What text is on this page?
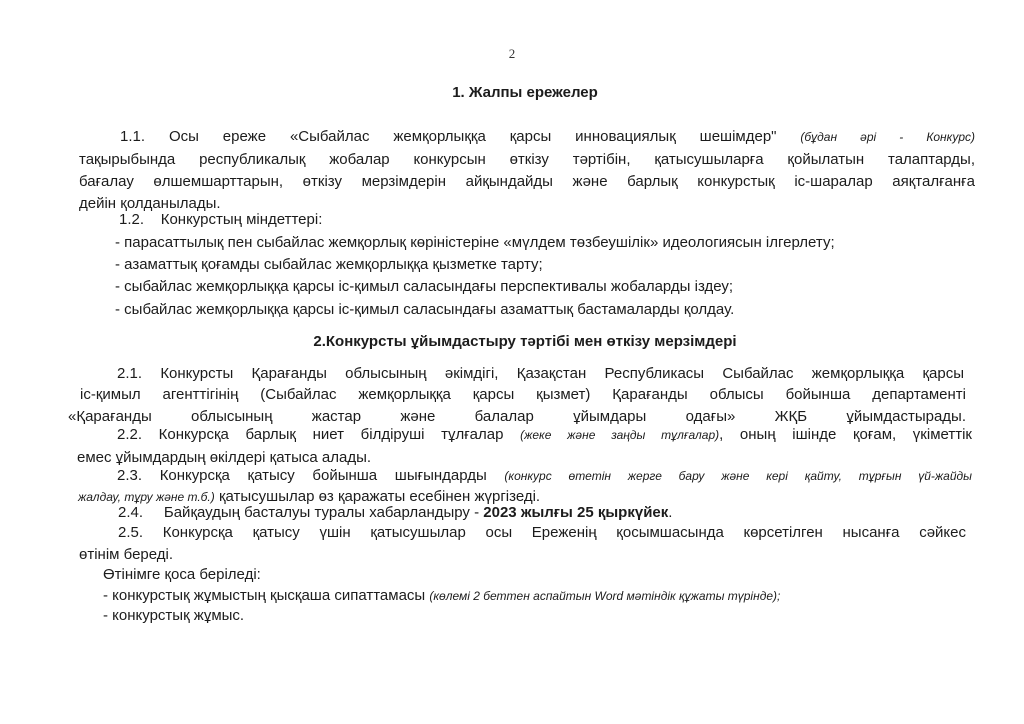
2
1. Жалпы ережелер
1.1. Осы ереже «Сыбайлас жемқорлыққа қарсы инновациялық шешімдер" (бұдан әрі - Конкурс)
тақырыбында республикалық жобалар конкурсын өткізу тәртібін, қатысушыларға қойылатын талаптарды,
бағалау өлшемшарттарын, өткізу мерзімдерін айқындайды және барлық конкурстық іс-шаралар аяқталғанға
дейін қолданылады.
1.2. Конкурстың міндеттері:
- парасаттылық пен сыбайлас жемқорлық көріністеріне «мүлдем төзбеушілік» идеологиясын ілгерлету;
- азаматтық қоғамды сыбайлас жемқорлыққа қызметке тарту;
- сыбайлас жемқорлыққа қарсы іс-қимыл саласындағы перспективалы жобаларды іздеу;
- сыбайлас жемқорлыққа қарсы іс-қимыл саласындағы азаматтық бастамаларды қолдау.
2.Конкурсты ұйымдастыру тәртібі мен өткізу мерзімдері
2.1. Конкурсты Қарағанды облысының әкімдігі, Қазақстан Республикасы Сыбайлас жемқорлыққа қарсы
іс-қимыл агенттігінің (Сыбайлас жемқорлыққа қарсы қызмет) Қарағанды облысы бойынша департаменті
«Қарағанды облысының жастар және балалар ұйымдары одағы» ЖҚБ ұйымдастырады.
2.2. Конкурсқа барлық ниет білдіруші тұлғалар (жеке және заңды тұлғалар), оның ішінде қоғам, үкіметтік
емес ұйымдардың өкілдері қатыса алады.
2.3. Конкурсқа қатысу бойынша шығындарды (конкурс өтетін жерге бару және кері қайту, тұрғын үй-жайды
жалдау, тұру және т.б.) қатысушылар өз қаражаты есебінен жүргізеді.
2.4. Байқаудың басталуы туралы хабарландыру - 2023 жылғы 25 қыркүйек.
2.5. Конкурсқа қатысу үшін қатысушылар осы Ереженің қосымшасында көрсетілген нысанға сәйкес
өтінім береді.
Өтінімге қоса беріледі:
- конкурстық жұмыстың қысқаша сипаттамасы (көлемі 2 беттен аспайтын Word мәтіндік құжаты түрінде);
- конкурстық жұмыс.
